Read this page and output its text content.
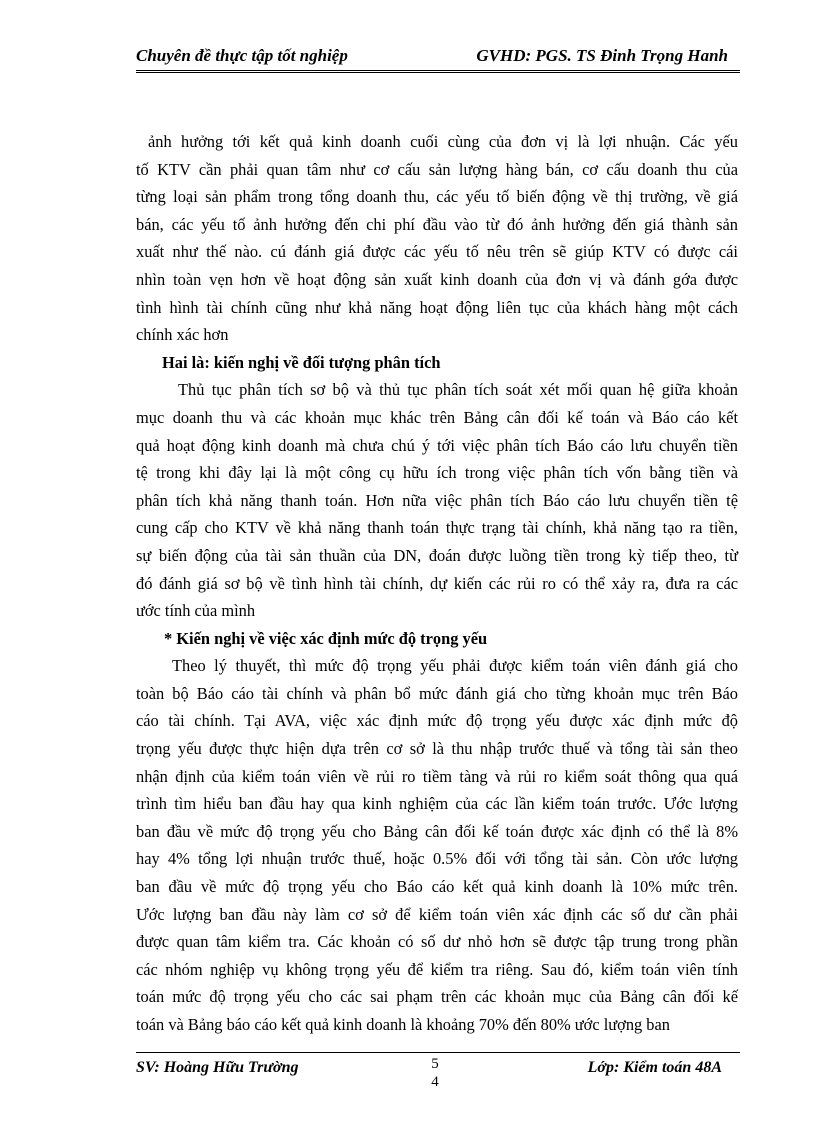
Chuyên đề thực tập tốt nghiệp	GVHD: PGS. TS Đinh Trọng Hanh
ảnh hưởng tới kết quả kinh doanh cuối cùng của đơn vị là lợi nhuận. Các yếu
tố KTV cần phải quan tâm như cơ cấu sản lượng hàng bán, cơ cấu doanh thu của
từng loại sản phẩm trong tổng doanh thu, các yếu tố biến động về thị trường, về giá
bán, các yếu tố ảnh hưởng đến chi phí đầu vào từ đó ảnh hưởng đến giá thành sản
xuất như thế nào. cú đánh giá được các yếu tố nêu trên sẽ giúp KTV có được cái
nhìn toàn vẹn hơn về hoạt động sản xuất kinh doanh của đơn vị và đánh gớa được
tình hình tài chính cũng như khả năng hoạt động liên tục của khách hàng một cách
chính xác hơn
Hai là: kiến nghị về đối tượng phân tích
Thủ tục phân tích sơ bộ và thủ tục phân tích soát xét mối quan hệ giữa khoản
mục doanh thu và các khoản mục khác trên Bảng cân đối kế toán và Báo cáo kết
quả hoạt động kinh doanh mà chưa chú ý tới việc phân tích Báo cáo lưu chuyển tiền
tệ trong khi đây lại là một công cụ hữu ích trong việc phân tích vốn bằng tiền và
phân tích khả năng thanh toán. Hơn nữa việc phân tích Báo cáo lưu chuyển tiền tệ
cung cấp cho KTV về khả năng thanh toán thực trạng tài chính, khả năng tạo ra tiền,
sự biến động của tài sản thuần của DN, đoán được luồng tiền trong kỳ tiếp theo, từ
đó đánh giá sơ bộ về tình hình tài chính, dự kiến các rủi ro có thể xảy ra, đưa ra các
ước tính của mình
* Kiến nghị về việc xác định mức độ trọng yếu
Theo lý thuyết, thì mức độ trọng yếu phải được kiểm toán viên đánh giá cho
toàn bộ Báo cáo tài chính và phân bổ mức đánh giá cho từng khoản mục trên Báo
cáo tài chính. Tại AVA, việc xác định mức độ trọng yếu được xác định mức độ
trọng yếu được thực hiện dựa trên cơ sở là thu nhập trước thuế và tổng tài sản theo
nhận định của kiểm toán viên về rủi ro tiềm tàng và rủi ro kiểm soát thông qua quá
trình tìm hiểu ban đầu hay qua kinh nghiệm của các lần kiểm toán trước. Ước lượng
ban đầu về mức độ trọng yếu cho Bảng cân đối kế toán được xác định có thể là 8%
hay 4% tổng lợi nhuận trước thuế, hoặc 0.5% đối với tổng tài sản. Còn ước lượng
ban đầu về mức độ trọng yếu cho Báo cáo kết quả kinh doanh là 10% mức trên.
Ước lượng ban đầu này làm cơ sở để kiểm toán viên xác định các số dư cần phải
được quan tâm kiểm tra. Các khoản có số dư nhỏ hơn sẽ được tập trung trong phần
các nhóm nghiệp vụ không trọng yếu để kiểm tra riêng. Sau đó, kiểm toán viên tính
toán mức độ trọng yếu cho các sai phạm trên các khoản mục của Bảng cân đối kế
toán và Bảng báo cáo kết quả kinh doanh là khoảng 70% đến 80% ước lượng ban
SV: Hoàng Hữu Trường	5
4
Lớp: Kiểm toán 48A
